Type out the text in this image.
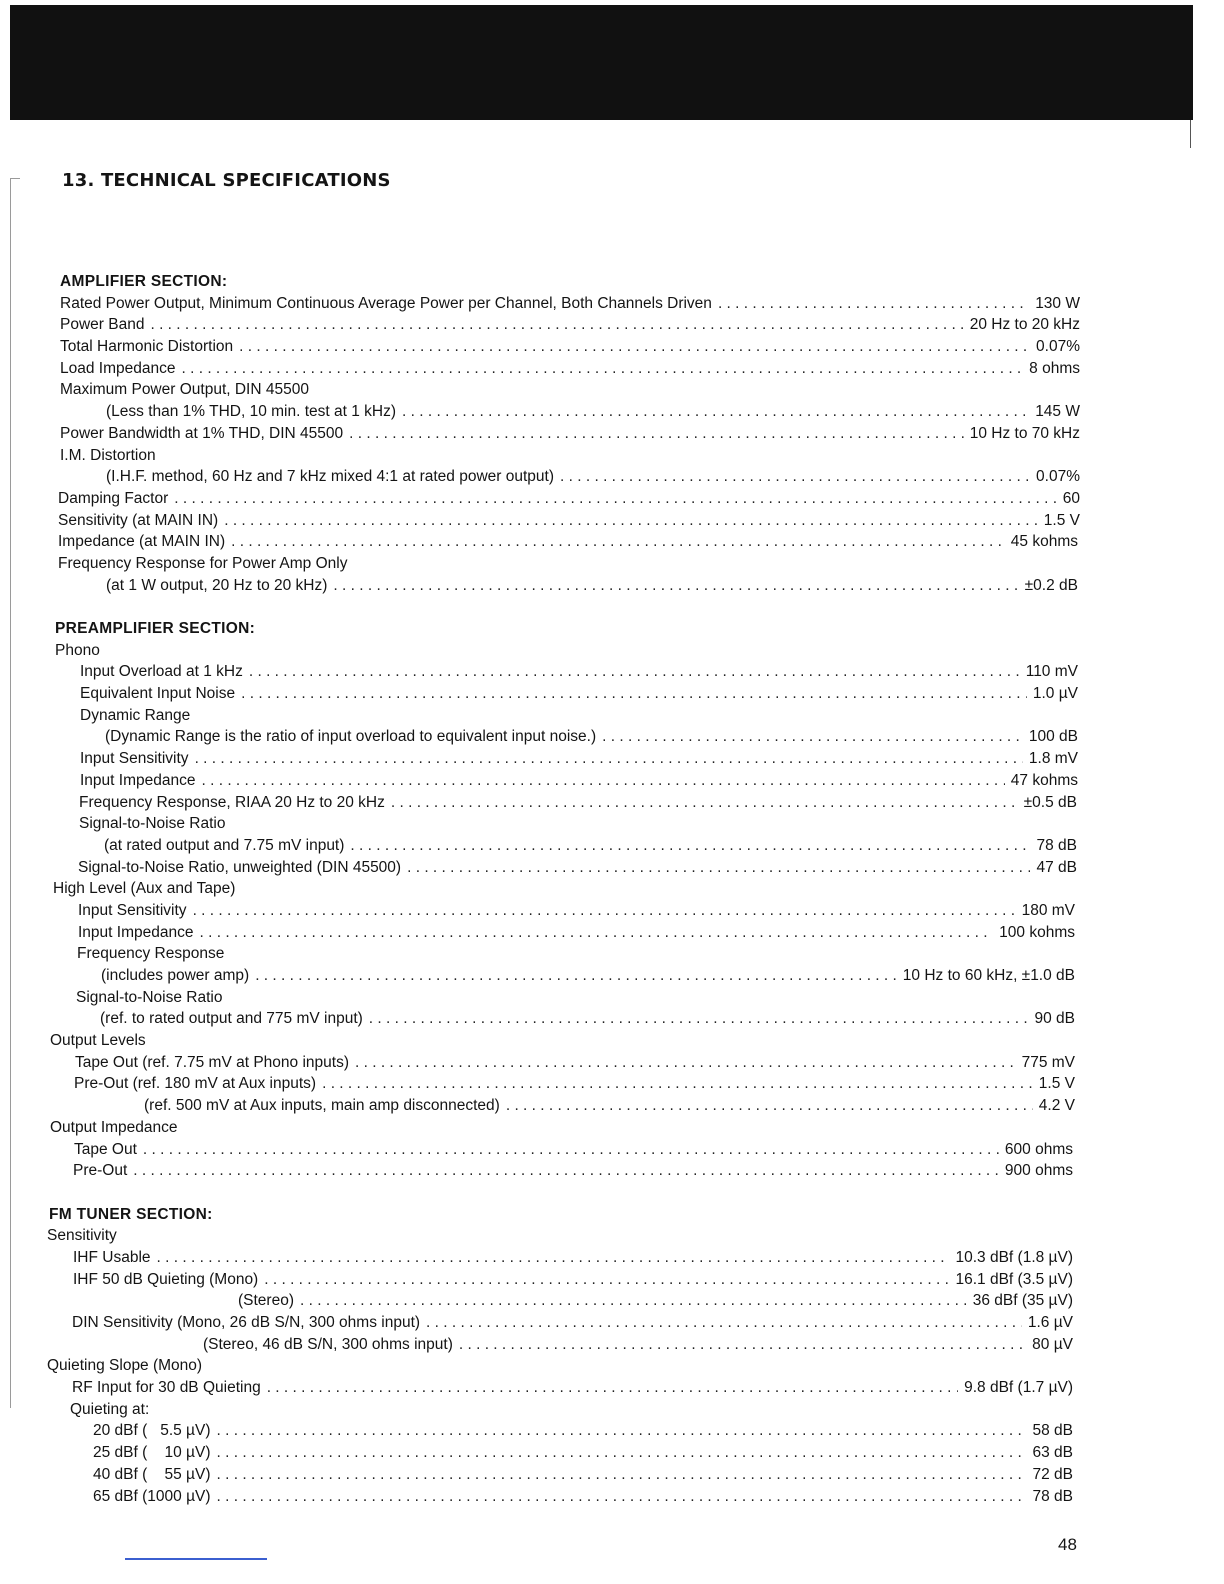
13. TECHNICAL SPECIFICATIONS
AMPLIFIER SECTION:
Rated Power Output, Minimum Continuous Average Power per Channel, Both Channels Driven . . .	130 W
Power Band . . .	20 Hz to 20 kHz
Total Harmonic Distortion . . .	0.07%
Load Impedance . . .	8 ohms
Maximum Power Output, DIN 45500
(Less than 1% THD, 10 min. test at 1 kHz) . . .	145 W
Power Bandwidth at 1% THD, DIN 45500 . . .	10 Hz to 70 kHz
I.M. Distortion
(I.H.F. method, 60 Hz and 7 kHz mixed 4:1 at rated power output) . . .	0.07%
Damping Factor . . .	60
Sensitivity (at MAIN IN) . . .	1.5 V
Impedance (at MAIN IN) . . .	45 kohms
Frequency Response for Power Amp Only
(at 1 W output, 20 Hz to 20 kHz) . . .	±0.2 dB
PREAMPLIFIER SECTION:
Phono
Input Overload at 1 kHz . . .	110 mV
Equivalent Input Noise . . .	1.0 µV
Dynamic Range
(Dynamic Range is the ratio of input overload to equivalent input noise.) . . .	100 dB
Input Sensitivity . . .	1.8 mV
Input Impedance . . .	47 kohms
Frequency Response, RIAA 20 Hz to 20 kHz . . .	±0.5 dB
Signal-to-Noise Ratio
(at rated output and 7.75 mV input) . . .	78 dB
Signal-to-Noise Ratio, unweighted (DIN 45500) . . .	47 dB
High Level (Aux and Tape)
Input Sensitivity . . .	180 mV
Input Impedance . . .	100 kohms
Frequency Response
(includes power amp) . . .	10 Hz to 60 kHz, ±1.0 dB
Signal-to-Noise Ratio
(ref. to rated output and 775 mV input) . . .	90 dB
Output Levels
Tape Out (ref. 7.75 mV at Phono inputs) . . .	775 mV
Pre-Out (ref. 180 mV at Aux inputs) . . .	1.5 V
(ref. 500 mV at Aux inputs, main amp disconnected) . . .	4.2 V
Output Impedance
Tape Out . . .	600 ohms
Pre-Out . . .	900 ohms
FM TUNER SECTION:
Sensitivity
IHF Usable . . .	10.3 dBf (1.8 µV)
IHF 50 dB Quieting (Mono) . . .	16.1 dBf (3.5 µV)
(Stereo) . . .	36 dBf (35 µV)
DIN Sensitivity (Mono, 26 dB S/N, 300 ohms input) . . .	1.6 µV
(Stereo, 46 dB S/N, 300 ohms input) . . .	80 µV
Quieting Slope (Mono)
RF Input for 30 dB Quieting . . .	9.8 dBf (1.7 µV)
Quieting at:
20 dBf (   5.5 µV) . . .	58 dB
25 dBf (    10 µV) . . .	63 dB
40 dBf (    55 µV) . . .	72 dB
65 dBf (1000 µV) . . .	78 dB
48
